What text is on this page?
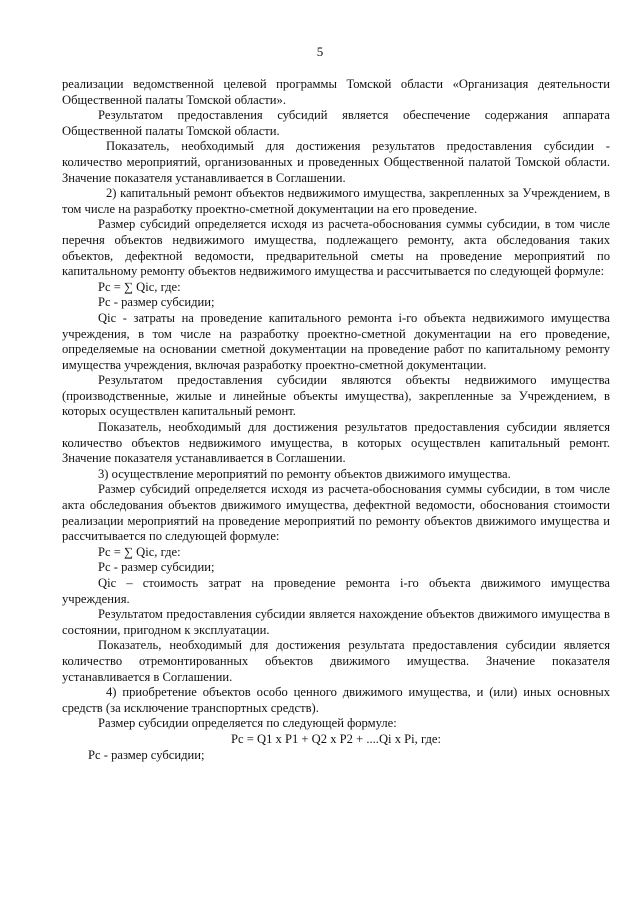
5

реализации ведомственной целевой программы Томской области «Организация деятельности Общественной палаты Томской области».

Результатом предоставления субсидий является обеспечение содержания аппарата Общественной палаты Томской области.

Показатель, необходимый для достижения результатов предоставления субсидии - количество мероприятий, организованных и проведенных Общественной палатой Томской области. Значение показателя устанавливается в Соглашении.

2) капитальный ремонт объектов недвижимого имущества, закрепленных за Учреждением, в том числе на разработку проектно-сметной документации на его проведение.

Размер субсидий определяется исходя из расчета-обоснования суммы субсидии, в том числе перечня объектов недвижимого имущества, подлежащего ремонту, акта обследования таких объектов, дефектной ведомости, предварительной сметы на проведение мероприятий по капитальному ремонту объектов недвижимого имущества и рассчитывается по следующей формуле:

Рс = ∑ Qic, где:

Рс - размер субсидии;

Qic - затраты на проведение капитального ремонта i-го объекта недвижимого имущества учреждения, в том числе на разработку проектно-сметной документации на его проведение, определяемые на основании сметной документации на проведение работ по капитальному ремонту имущества учреждения, включая разработку проектно-сметной документации.

Результатом предоставления субсидии являются объекты недвижимого имущества (производственные, жилые и линейные объекты имущества), закрепленные за Учреждением, в которых осуществлен капитальный ремонт.

Показатель, необходимый для достижения результатов предоставления субсидии является количество объектов недвижимого имущества, в которых осуществлен капитальный ремонт. Значение показателя устанавливается в Соглашении.

3) осуществление мероприятий по ремонту объектов движимого имущества.

Размер субсидий определяется исходя из расчета-обоснования суммы субсидии, в том числе акта обследования объектов движимого имущества, дефектной ведомости, обоснования стоимости реализации мероприятий на проведение мероприятий по ремонту объектов движимого имущества и рассчитывается по следующей формуле:

Рс = ∑ Qic, где:

Рс - размер субсидии;

Qic – стоимость затрат на проведение ремонта i-го объекта движимого имущества учреждения.

Результатом предоставления субсидии является нахождение объектов движимого имущества в состоянии, пригодном к эксплуатации.

Показатель, необходимый для достижения результата предоставления субсидии является количество отремонтированных объектов движимого имущества. Значение показателя устанавливается в Соглашении.

4) приобретение объектов особо ценного движимого имущества, и (или) иных основных средств (за исключение транспортных средств).

Размер субсидии определяется по следующей формуле:

Рс = Q1 x P1 + Q2 x P2 + ....Qi x Pi, где:

Рс - размер субсидии;
